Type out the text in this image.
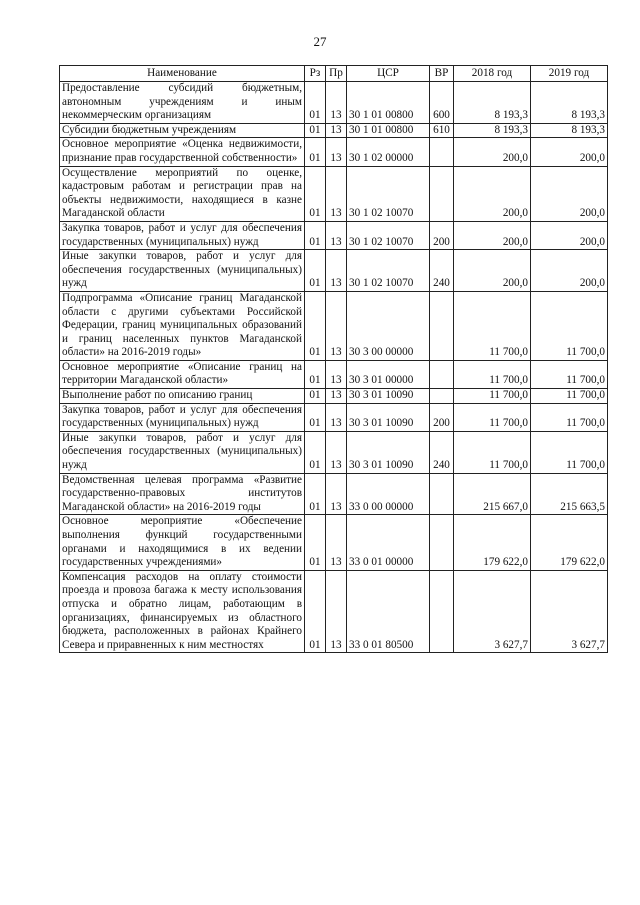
27
Наименование	Рз	Пр	ЦСР	ВР	2018 год	2019 год
Предоставление субсидий бюджетным, автономным учреждениям и иным некоммерческим организациям	01	13	30 1 01 00800	600	8 193,3	8 193,3
Субсидии бюджетным учреждениям	01	13	30 1 01 00800	610	8 193,3	8 193,3
Основное мероприятие «Оценка недвижимости, признание прав государственной собственности»	01	13	30 1 02 00000		200,0	200,0
Осуществление мероприятий по оценке, кадастровым работам и регистрации прав на объекты недвижимости, находящиеся в казне Магаданской области	01	13	30 1 02 10070		200,0	200,0
Закупка товаров, работ и услуг для обеспечения государственных (муниципальных) нужд	01	13	30 1 02 10070	200	200,0	200,0
Иные закупки товаров, работ и услуг для обеспечения государственных (муниципальных) нужд	01	13	30 1 02 10070	240	200,0	200,0
Подпрограмма «Описание границ Магаданской области с другими субъектами Российской Федерации, границ муниципальных образований и границ населенных пунктов Магаданской области» на 2016-2019 годы»	01	13	30 3 00 00000		11 700,0	11 700,0
Основное мероприятие «Описание границ на территории Магаданской области»	01	13	30 3 01 00000		11 700,0	11 700,0
Выполнение работ по описанию границ	01	13	30 3 01 10090		11 700,0	11 700,0
Закупка товаров, работ и услуг для обеспечения государственных (муниципальных) нужд	01	13	30 3 01 10090	200	11 700,0	11 700,0
Иные закупки товаров, работ и услуг для обеспечения государственных (муниципальных) нужд	01	13	30 3 01 10090	240	11 700,0	11 700,0
Ведомственная целевая программа «Развитие государственно-правовых институтов Магаданской области» на 2016-2019 годы	01	13	33 0 00 00000		215 667,0	215 663,5
Основное мероприятие «Обеспечение выполнения функций государственными органами и находящимися в их ведении государственных учреждениями»	01	13	33 0 01 00000		179 622,0	179 622,0
Компенсация расходов на оплату стоимости проезда и провоза багажа к месту использования отпуска и обратно лицам, работающим в организациях, финансируемых из областного бюджета, расположенных в районах Крайнего Севера и приравненных к ним местностях	01	13	33 0 01 80500		3 627,7	3 627,7
